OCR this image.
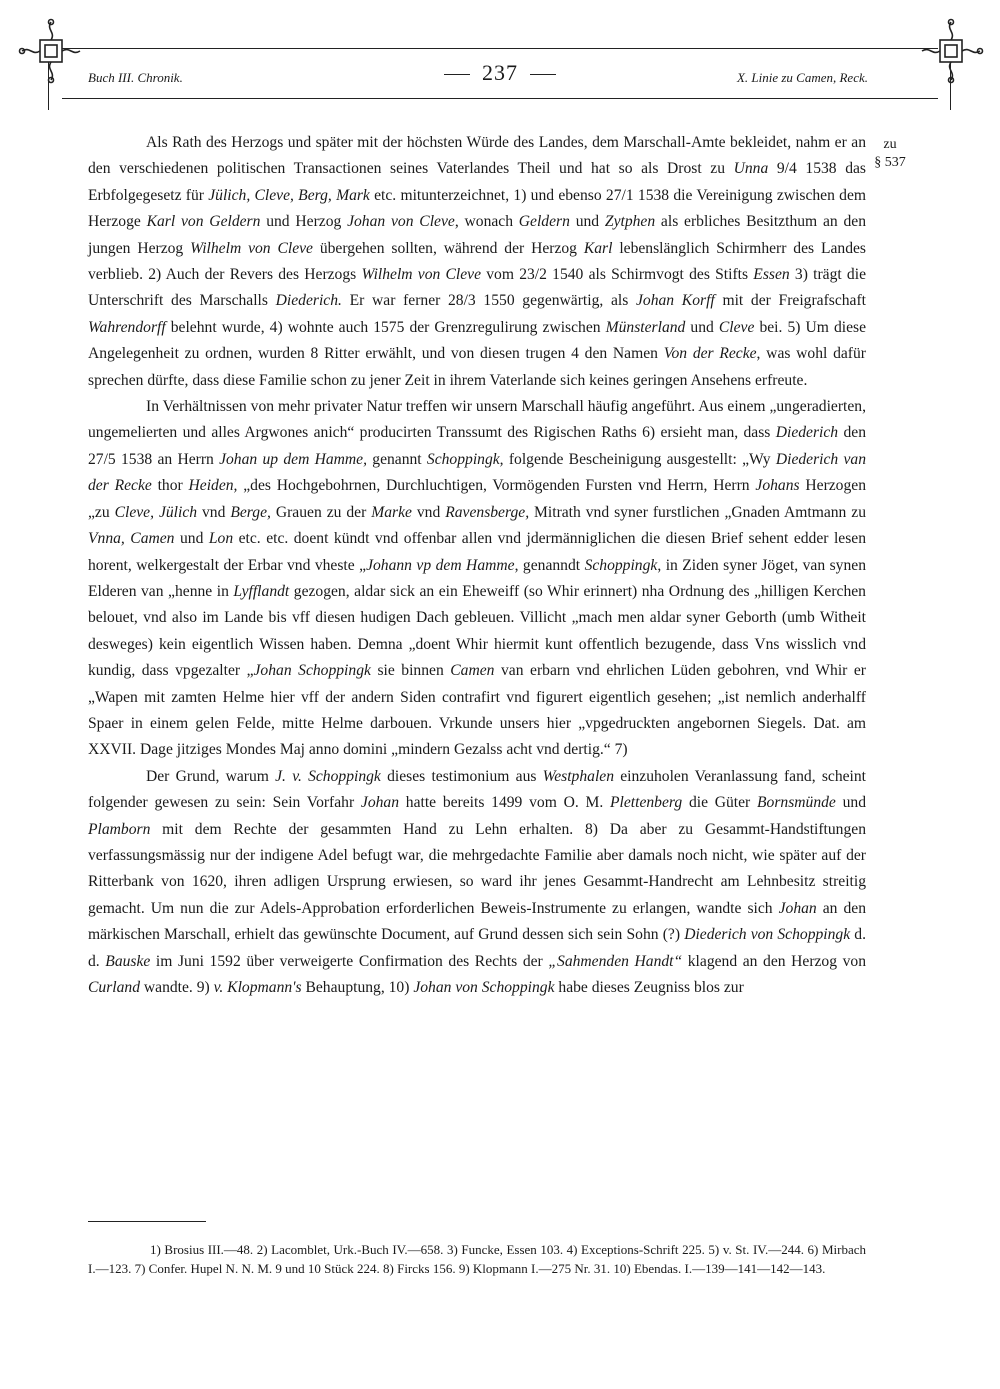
Buch III. Chronik.	237	X. Linie zu Camen, Reck.
zu
§ 537

Als Rath des Herzogs und später mit der höchsten Würde des Landes, dem Marschall-Amte bekleidet, nahm er an den verschiedenen politischen Transactionen seines Vaterlandes Theil und hat so als Drost zu Unna 9/4 1538 das Erbfolgegesetz für Jülich, Cleve, Berg, Mark etc. mitunterzeichnet, 1) und ebenso 27/1 1538 die Vereinigung zwischen dem Herzoge Karl von Geldern und Herzog Johan von Cleve, wonach Geldern und Zytphen als erbliches Besitzthum an den jungen Herzog Wilhelm von Cleve übergehen sollten, während der Herzog Karl lebenslänglich Schirmherr des Landes verblieb. 2) Auch der Revers des Herzogs Wilhelm von Cleve vom 23/2 1540 als Schirmvogt des Stifts Essen 3) trägt die Unterschrift des Marschalls Diederich. Er war ferner 28/3 1550 gegenwärtig, als Johan Korff mit der Freigrafschaft Wahrendorff belehnt wurde, 4) wohnte auch 1575 der Grenzregulirung zwischen Münsterland und Cleve bei. 5) Um diese Angelegenheit zu ordnen, wurden 8 Ritter erwählt, und von diesen trugen 4 den Namen Von der Recke, was wohl dafür sprechen dürfte, dass diese Familie schon zu jener Zeit in ihrem Vaterlande sich keines geringen Ansehens erfreute.

In Verhältnissen von mehr privater Natur treffen wir unsern Marschall häufig angeführt. Aus einem „ungeradierten, ungemelierten und alles Argwones anich“ producirten Transsumt des Rigischen Raths 6) ersieht man, dass Diederich den 27/5 1538 an Herrn Johan up dem Hamme, genannt Schoppingk, folgende Bescheinigung ausgestellt: „Wy Diederich van der Recke thor Heiden, „des Hochgebohrnen, Durchluchtigen, Vormögenden Fursten vnd Herrn, Herrn Johans Herzogen „zu Cleve, Jülich vnd Berge, Grauen zu der Marke vnd Ravensberge, Mitrath vnd syner furstlichen „Gnaden Amtmann zu Vnna, Camen und Lon etc. etc. doent kündt vnd offenbar allen vnd jdermänniglichen die diesen Brief sehent edder lesen horent, welkergestalt der Erbar vnd vheste „Johann vp dem Hamme, genanndt Schoppingk, in Ziden syner Jöget, van synen Elderen van „henne in Lyfflandt gezogen, aldar sick an ein Eheweiff (so Whir erinnert) nha Ordnung des „hilligen Kerchen belouet, vnd also im Lande bis vff diesen hudigen Dach gebleuen. Villicht „mach men aldar syner Geborth (umb Witheit desweges) kein eigentlich Wissen haben. Demna „doent Whir hiermit kunt offentlich bezugende, dass Vns wisslich vnd kundig, dass vpgezalter „Johan Schoppingk sie binnen Camen van erbarn vnd ehrlichen Lüden gebohren, vnd Whir er „Wapen mit zamten Helme hier vff der andern Siden contrafirt vnd figurert eigentlich gesehen; „ist nemlich anderhalff Spaer in einem gelen Felde, mitte Helme darbouen. Vrkunde unsers hier „vpgedruckten angebornen Siegels. Dat. am XXVII. Dage jitziges Mondes Maj anno domini „mindern Gezalss acht vnd dertig.“ 7)

Der Grund, warum J. v. Schoppingk dieses testimonium aus Westphalen einzuholen Veranlassung fand, scheint folgender gewesen zu sein: Sein Vorfahr Johan hatte bereits 1499 vom O. M. Plettenberg die Güter Bornsmünde und Plamborn mit dem Rechte der gesammten Hand zu Lehn erhalten. 8) Da aber zu Gesammt-Handstiftungen verfassungsmässig nur der indigene Adel befugt war, die mehrgedachte Familie aber damals noch nicht, wie später auf der Ritterbank von 1620, ihren adligen Ursprung erwiesen, so ward ihr jenes Gesammt-Handrecht am Lehnbesitz streitig gemacht. Um nun die zur Adels-Approbation erforderlichen Beweis-Instrumente zu erlangen, wandte sich Johan an den märkischen Marschall, erhielt das gewünschte Document, auf Grund dessen sich sein Sohn (?) Diederich von Schoppingk d. d. Bauske im Juni 1592 über verweigerte Confirmation des Rechts der „Sahmenden Handt“ klagend an den Herzog von Curland wandte. 9) v. Klopmann's Behauptung, 10) Johan von Schoppingk habe dieses Zeugniss blos zur

1) Brosius III.—48. 2) Lacomblet, Urk.-Buch IV.—658. 3) Funcke, Essen 103. 4) Exceptions-Schrift 225. 5) v. St. IV.—244. 6) Mirbach I.—123. 7) Confer. Hupel N. N. M. 9 und 10 Stück 224. 8) Fircks 156. 9) Klopmann I.—275 Nr. 31. 10) Ebendas. I.—139—141—142—143.
